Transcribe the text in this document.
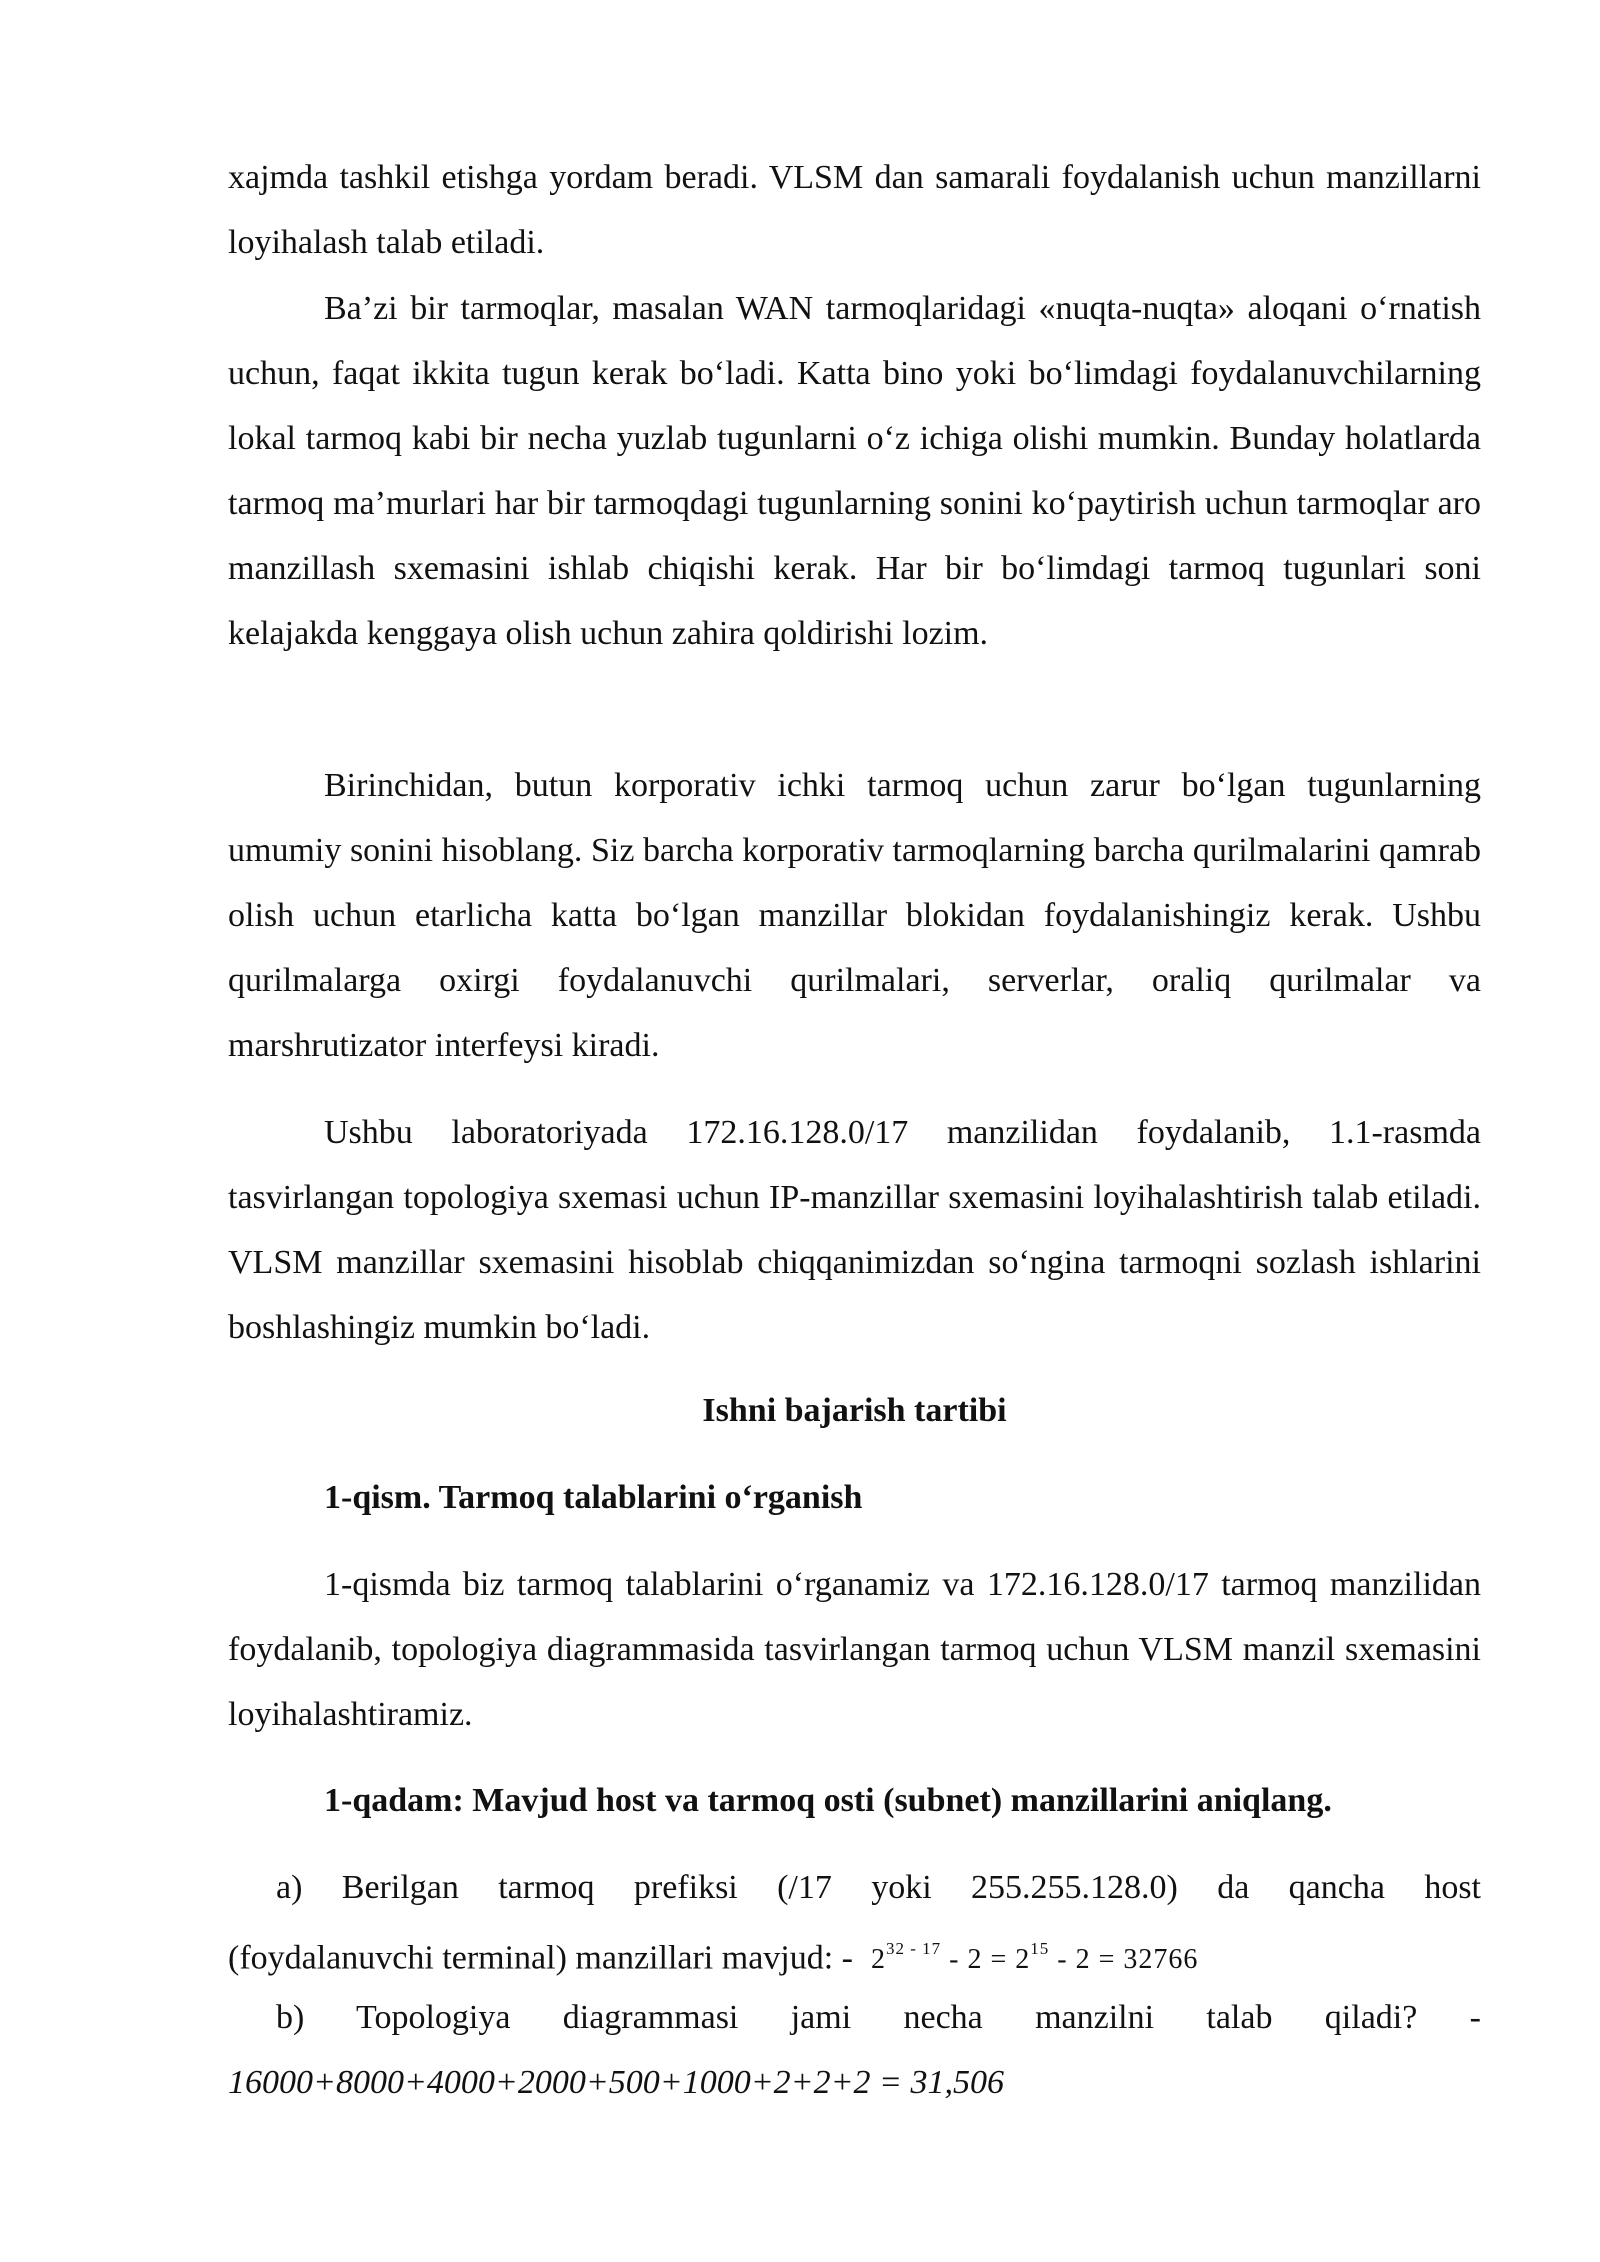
xajmda tashkil etishga yordam beradi. VLSM dan samarali foydalanish uchun manzillarni loyihalash talab etiladi.

Ba’zi bir tarmoqlar, masalan WAN tarmoqlaridagi «nuqta-nuqta» aloqani o‘rnatish uchun, faqat ikkita tugun kerak bo‘ladi. Katta bino yoki bo‘limdagi foydalanuvchilarning lokal tarmoq kabi bir necha yuzlab tugunlarni o‘z ichiga olishi mumkin. Bunday holatlarda tarmoq ma’murlari har bir tarmoqdagi tugunlarning sonini ko‘paytirish uchun tarmoqlar aro manzillash sxemasini ishlab chiqishi kerak. Har bir bo‘limdagi tarmoq tugunlari soni kelajakda kenggaya olish uchun zahira qoldirishi lozim.

Birinchidan, butun korporativ ichki tarmoq uchun zarur bo‘lgan tugunlarning umumiy sonini hisoblang. Siz barcha korporativ tarmoqlarning barcha qurilmalarini qamrab olish uchun etarlicha katta bo‘lgan manzillar blokidan foydalanishingiz kerak. Ushbu qurilmalarga oxirgi foydalanuvchi qurilmalari, serverlar, oraliq qurilmalar va marshrutizator interfeysi kiradi.

Ushbu laboratoriyada 172.16.128.0/17 manzilidan foydalanib, 1.1-rasmda tasvirlangan topologiya sxemasi uchun IP-manzillar sxemasini loyihalashtirish talab etiladi. VLSM manzillar sxemasini hisoblab chiqqanimizdan so‘ngina tarmoqni sozlash ishlarini boshlashingiz mumkin bo‘ladi.

Ishni bajarish tartibi
1-qism. Tarmoq talablarini o‘rganish

1-qismda biz tarmoq talablarini o‘rganamiz va 172.16.128.0/17 tarmoq manzilidan foydalanib, topologiya diagrammasida tasvirlangan tarmoq uchun VLSM manzil sxemasini loyihalashtiramiz.

1-qadam: Mavjud host va tarmoq osti (subnet) manzillarini aniqlang.
a) Berilgan tarmoq prefiksi (/17 yoki 255.255.128.0) da qancha host
(foydalanuvchi terminal) manzillari mavjud: - $2^{32 - 17} - 2 = 2^{15} - 2 = 32766$
b) Topologiya diagrammasi jami necha manzilni talab qiladi? -
16000+8000+4000+2000+500+1000+2+2+2 = 31,506
